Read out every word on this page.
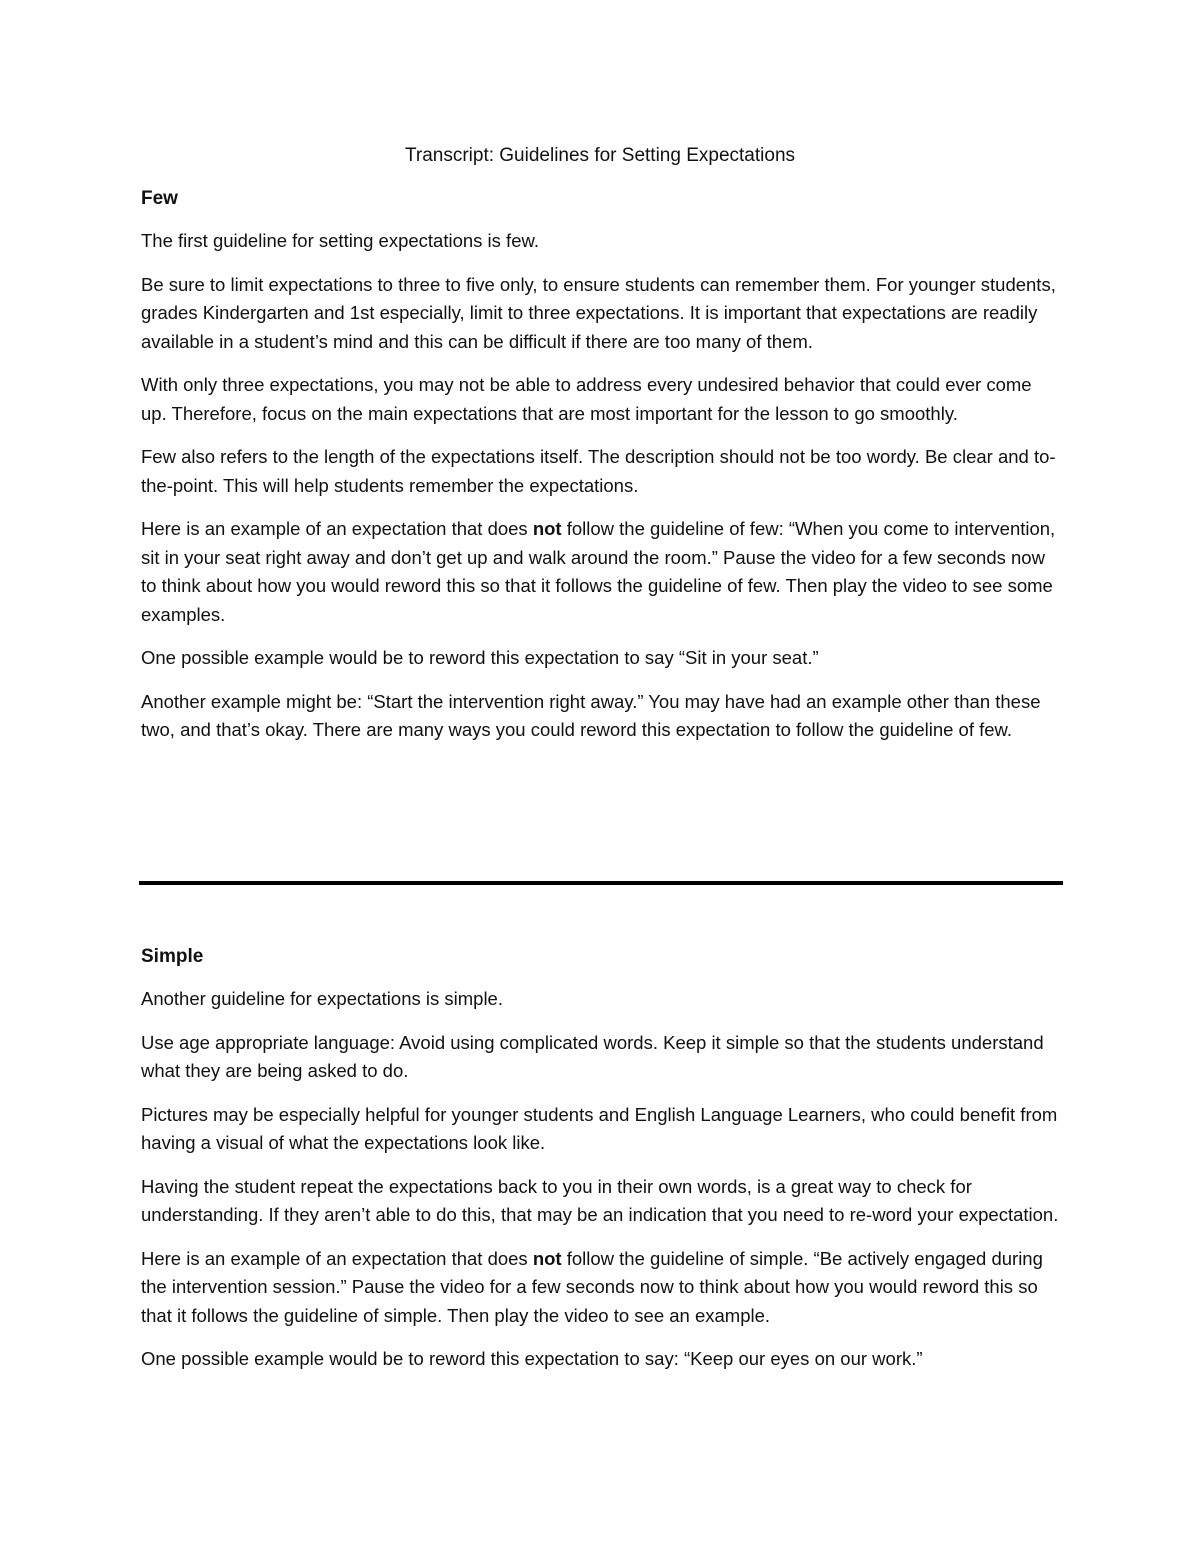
Transcript: Guidelines for Setting Expectations
Few

The first guideline for setting expectations is few.

Be sure to limit expectations to three to five only, to ensure students can remember them. For younger students, grades Kindergarten and 1st especially, limit to three expectations. It is important that expectations are readily available in a student’s mind and this can be difficult if there are too many of them.

With only three expectations, you may not be able to address every undesired behavior that could ever come up. Therefore, focus on the main expectations that are most important for the lesson to go smoothly.

Few also refers to the length of the expectations itself. The description should not be too wordy. Be clear and to-the-point. This will help students remember the expectations.

Here is an example of an expectation that does not follow the guideline of few: “When you come to intervention, sit in your seat right away and don’t get up and walk around the room.” Pause the video for a few seconds now to think about how you would reword this so that it follows the guideline of few. Then play the video to see some examples.

One possible example would be to reword this expectation to say “Sit in your seat.”

Another example might be: “Start the intervention right away.” You may have had an example other than these two, and that’s okay. There are many ways you could reword this expectation to follow the guideline of few.

Simple

Another guideline for expectations is simple.

Use age appropriate language: Avoid using complicated words. Keep it simple so that the students understand what they are being asked to do.

Pictures may be especially helpful for younger students and English Language Learners, who could benefit from having a visual of what the expectations look like.

Having the student repeat the expectations back to you in their own words, is a great way to check for understanding. If they aren’t able to do this, that may be an indication that you need to re-word your expectation.

Here is an example of an expectation that does not follow the guideline of simple. “Be actively engaged during the intervention session.” Pause the video for a few seconds now to think about how you would reword this so that it follows the guideline of simple. Then play the video to see an example.

One possible example would be to reword this expectation to say: “Keep our eyes on our work.”
